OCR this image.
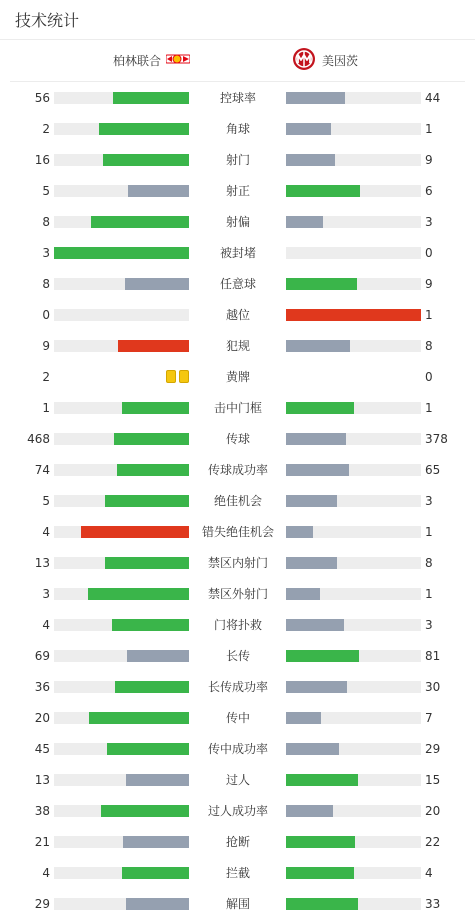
技术统计
柏林联合	美因茨
56	控球率	44
2	角球	1
16	射门	9
5	射正	6
8	射偏	3
3	被封堵	0
8	任意球	9
0	越位	1
9	犯规	8
2	黄牌	0
1	击中门框	1
468	传球	378
74	传球成功率	65
5	绝佳机会	3
4	错失绝佳机会	1
13	禁区内射门	8
3	禁区外射门	1
4	门将扑救	3
69	长传	81
36	长传成功率	30
20	传中	7
45	传中成功率	29
13	过人	15
38	过人成功率	20
21	抢断	22
4	拦截	4
29	解围	33
